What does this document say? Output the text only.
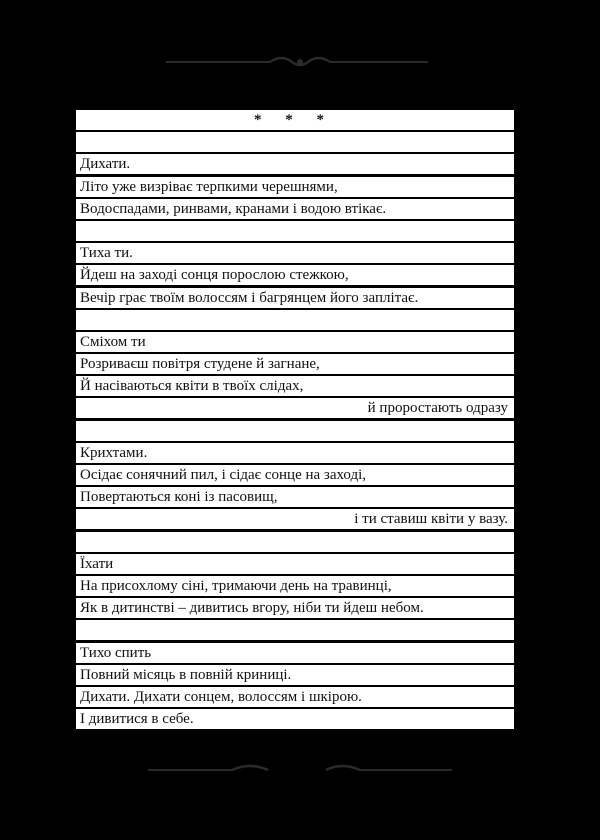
* * *
Дихати.
Літо уже визріває терпкими черешнями,
Водоспадами, ринвами, кранами і водою втікає.
Тиха ти.
Йдеш на заході сонця порослою стежкою,
Вечір грає твоїм волоссям і багрянцем його заплітає.
Сміхом ти
Розриваєш повітря студене й загнане,
Й насіваються квіти в твоїх слідах,
й проростають одразу
Крихтами.
Осідає сонячний пил, і сідає сонце на заході,
Повертаються коні із пасовищ,
і ти ставиш квіти у вазу.
Їхати
На присохлому сіні, тримаючи день на травинці,
Як в дитинстві – дивитись вгору, ніби ти йдеш небом.
Тихо спить
Повний місяць в повній криниці.
Дихати. Дихати сонцем, волоссям і шкірою.
І дивитися в себе.
3
